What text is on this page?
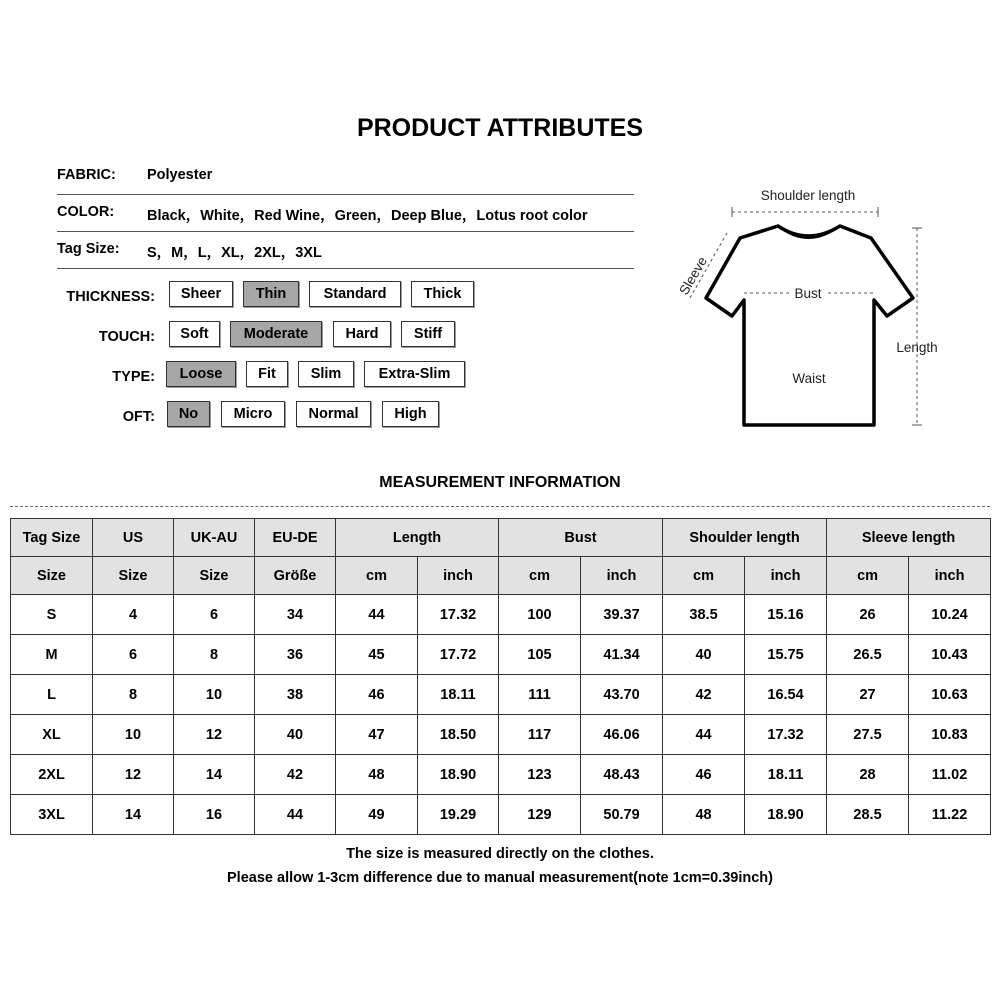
PRODUCT ATTRIBUTES
FABRIC: Polyester
COLOR: Black，White，Red Wine，Green，Deep Blue，Lotus root color
Tag Size: S，M，L，XL，2XL，3XL
THICKNESS:	Sheer	Thin	Standard	Thick
TOUCH:	Soft	Moderate	Hard	Stiff
TYPE:	Loose	Fit	Slim	Extra-Slim
OFT:	No	Micro	Normal	High
Shoulder length
Sleeve	Bust
Waist
Length
MEASUREMENT INFORMATION
Tag Size	US	UK-AU	EU-DE	Length		Bust		Shoulder length		Sleeve length	
Size	Size	Size	Größe	cm	inch	cm	inch	cm	inch	cm	inch
S	4	6	34	44	17.32	100	39.37	38.5	15.16	26	10.24
M	6	8	36	45	17.72	105	41.34	40	15.75	26.5	10.43
L	8	10	38	46	18.11	111	43.70	42	16.54	27	10.63
XL	10	12	40	47	18.50	117	46.06	44	17.32	27.5	10.83
2XL	12	14	42	48	18.90	123	48.43	46	18.11	28	11.02
3XL	14	16	44	49	19.29	129	50.79	48	18.90	28.5	11.22
The size is measured directly on the clothes.
Please allow 1-3cm difference due to manual measurement(note 1cm=0.39inch)
